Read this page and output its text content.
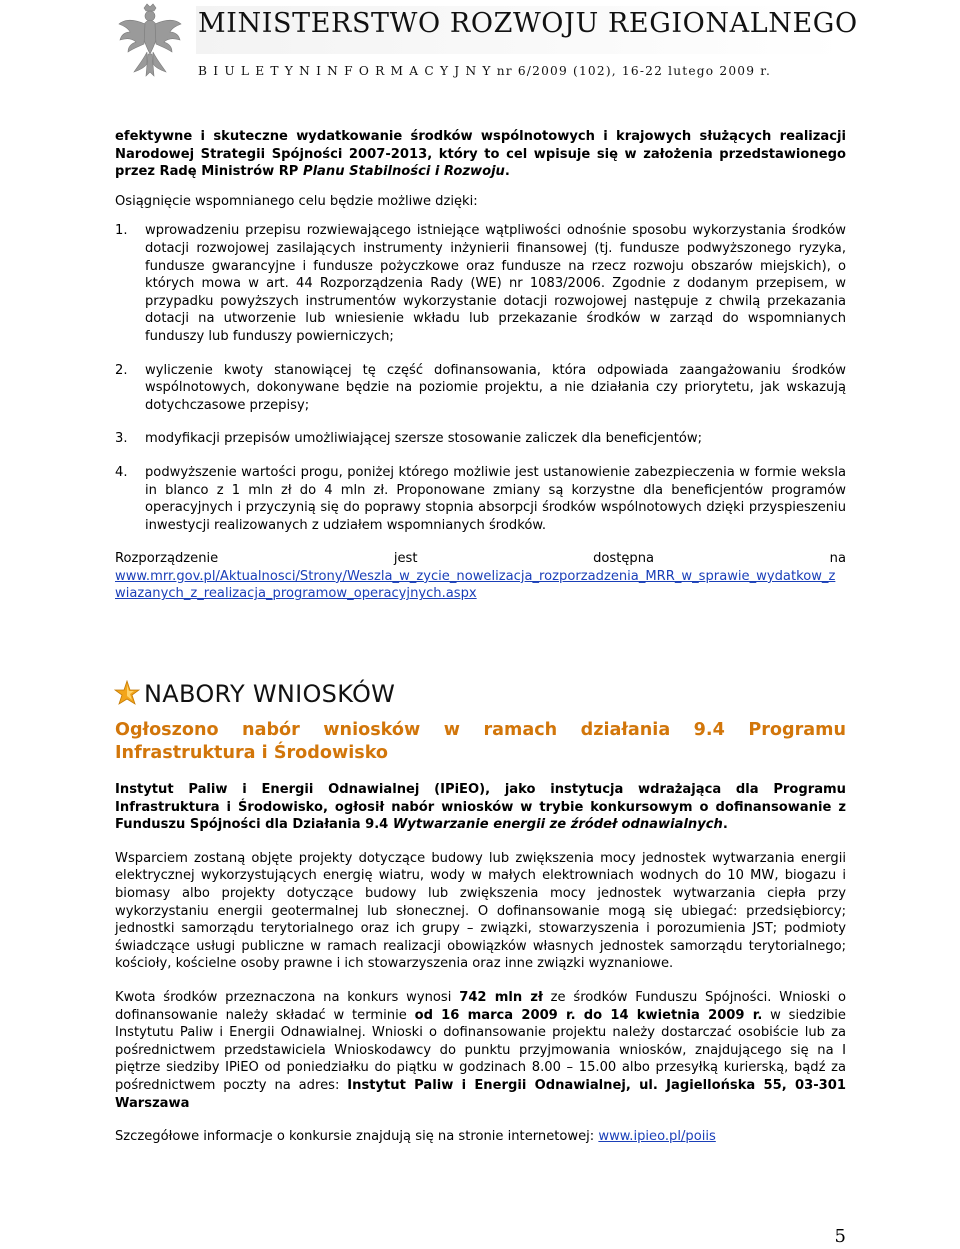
MINISTERSTWO ROZWOJU REGIONALNEGO
B I U L E T Y N I N F O R M A C Y J N Y nr 6/2009 (102), 16-22 lutego 2009 r.

efektywne i skuteczne wydatkowanie środków wspólnotowych i krajowych służących realizacji Narodowej Strategii Spójności 2007-2013, który to cel wpisuje się w założenia przedstawionego przez Radę Ministrów RP Planu Stabilności i Rozwoju.

Osiągnięcie wspomnianego celu będzie możliwe dzięki:

1. wprowadzeniu przepisu rozwiewającego istniejące wątpliwości odnośnie sposobu wykorzystania środków dotacji rozwojowej zasilających instrumenty inżynierii finansowej (tj. fundusze podwyższonego ryzyka, fundusze gwarancyjne i fundusze pożyczkowe oraz fundusze na rzecz rozwoju obszarów miejskich), o których mowa w art. 44 Rozporządzenia Rady (WE) nr 1083/2006. Zgodnie z dodanym przepisem, w przypadku powyższych instrumentów wykorzystanie dotacji rozwojowej następuje z chwilą przekazania dotacji na utworzenie lub wniesienie wkładu lub przekazanie środków w zarząd do wspomnianych funduszy lub funduszy powierniczych;
2. wyliczenie kwoty stanowiącej tę część dofinansowania, która odpowiada zaangażowaniu środków wspólnotowych, dokonywane będzie na poziomie projektu, a nie działania czy priorytetu, jak wskazują dotychczasowe przepisy;
3. modyfikacji przepisów umożliwiającej szersze stosowanie zaliczek dla beneficjentów;
4. podwyższenie wartości progu, poniżej którego możliwie jest ustanowienie zabezpieczenia w formie weksla in blanco z 1 mln zł do 4 mln zł. Proponowane zmiany są korzystne dla beneficjentów programów operacyjnych i przyczynią się do poprawy stopnia absorpcji środków wspólnotowych dzięki przyspieszeniu inwestycji realizowanych z udziałem wspomnianych środków.

Rozporządzenie	jest	dostępna	na

www.mrr.gov.pl/Aktualnosci/Strony/Weszla_w_zycie_nowelizacja_rozporzadzenia_MRR_w_sprawie_wydatkow_zwiazanych_z_realizacja_programow_operacyjnych.aspx

NABORY WNIOSKÓW

Ogłoszono nabór wniosków w ramach działania 9.4 Programu Infrastruktura i Środowisko

Instytut Paliw i Energii Odnawialnej (IPiEO), jako instytucja wdrażająca dla Programu Infrastruktura i Środowisko, ogłosił nabór wniosków w trybie konkursowym o dofinansowanie z Funduszu Spójności dla Działania 9.4 Wytwarzanie energii ze źródeł odnawialnych.

Wsparciem zostaną objęte projekty dotyczące budowy lub zwiększenia mocy jednostek wytwarzania energii elektrycznej wykorzystujących energię wiatru, wody w małych elektrowniach wodnych do 10 MW, biogazu i biomasy albo projekty dotyczące budowy lub zwiększenia mocy jednostek wytwarzania ciepła przy wykorzystaniu energii geotermalnej lub słonecznej. O dofinansowanie mogą się ubiegać: przedsiębiorcy; jednostki samorządu terytorialnego oraz ich grupy – związki, stowarzyszenia i porozumienia JST; podmioty świadczące usługi publiczne w ramach realizacji obowiązków własnych jednostek samorządu terytorialnego; kościoły, kościelne osoby prawne i ich stowarzyszenia oraz inne związki wyznaniowe.

Kwota środków przeznaczona na konkurs wynosi 742 mln zł ze środków Funduszu Spójności. Wnioski o dofinansowanie należy składać w terminie od 16 marca 2009 r. do 14 kwietnia 2009 r. w siedzibie Instytutu Paliw i Energii Odnawialnej. Wnioski o dofinansowanie projektu należy dostarczać osobiście lub za pośrednictwem przedstawiciela Wnioskodawcy do punktu przyjmowania wniosków, znajdującego się na I piętrze siedziby IPiEO od poniedziałku do piątku w godzinach 8.00 – 15.00 albo przesyłką kurierską, bądź za pośrednictwem poczty na adres: Instytut Paliw i Energii Odnawialnej, ul. Jagiellońska 55, 03-301 Warszawa

Szczegółowe informacje o konkursie znajdują się na stronie internetowej: www.ipieo.pl/poiis

5
